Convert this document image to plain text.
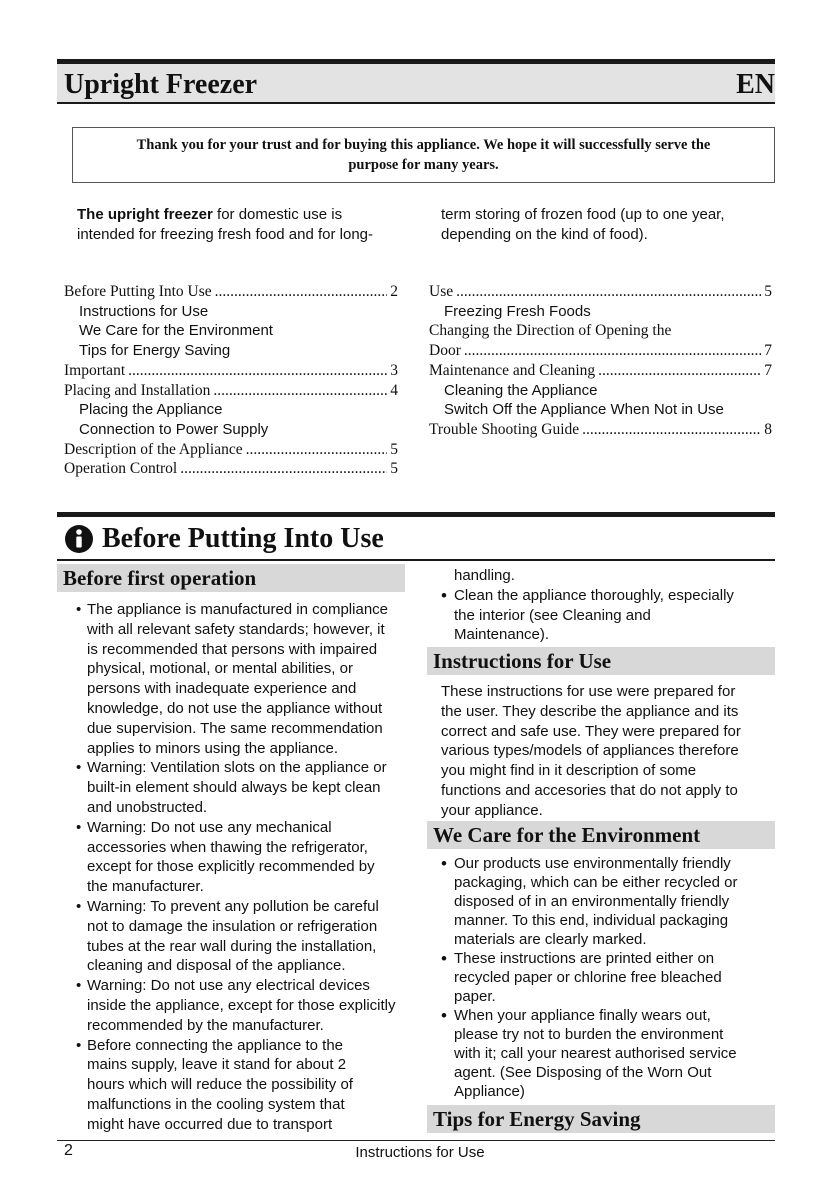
Upright Freezer	EN
Thank you for your trust and for buying this appliance. We hope it will successfully serve the
purpose for many years.
The upright freezer for domestic use is
intended for freezing fresh food and for long-
term storing of frozen food (up to one year,
depending on the kind of food).
Before Putting Into Use .....	2
Instructions for Use
We Care for the Environment
Tips for Energy Saving
Important .....	3
Placing and Installation .....	4
Placing the Appliance
Connection to Power Supply
Description of the Appliance .....	5
Operation Control .....	5
Use .....	5
Freezing Fresh Foods
Changing the Direction of Opening the
Door .....	7
Maintenance and Cleaning .....	7
Cleaning the Appliance
Switch Off the Appliance When Not in Use
Trouble Shooting Guide .....	8
Before Putting Into Use
Before first operation
• The appliance is manufactured in compliance
with all relevant safety standards; however, it
is recommended that persons with impaired
physical, motional, or mental abilities, or
persons with inadequate experience and
knowledge, do not use the appliance without
due supervision. The same recommendation
applies to minors using the appliance.
• Warning: Ventilation slots on the appliance or
built-in element should always be kept clean
and unobstructed.
• Warning: Do not use any mechanical
accessories when thawing the refrigerator,
except for those explicitly recommended by
the manufacturer.
• Warning: To prevent any pollution be careful
not to damage the insulation or refrigeration
tubes at the rear wall during the installation,
cleaning and disposal of the appliance.
• Warning: Do not use any electrical devices
inside the appliance, except for those explicitly
recommended by the manufacturer.
• Before connecting the appliance to the
mains supply, leave it stand for about 2
hours which will reduce the possibility of
malfunctions in the cooling system that
might have occurred due to transport
handling.
• Clean the appliance thoroughly, especially
the interior (see Cleaning and
Maintenance).
Instructions for Use
These instructions for use were prepared for
the user. They describe the appliance and its
correct and safe use. They were prepared for
various types/models of appliances therefore
you might find in it description of some
functions and accesories that do not apply to
your appliance.
We Care for the Environment
• Our products use environmentally friendly
packaging, which can be either recycled or
disposed of in an environmentally friendly
manner. To this end, individual packaging
materials are clearly marked.
• These instructions are printed either on
recycled paper or chlorine free bleached
paper.
• When your appliance finally wears out,
please try not to burden the environment
with it; call your nearest authorised service
agent. (See Disposing of the Worn Out
Appliance)
Tips for Energy Saving
2	Instructions for Use
